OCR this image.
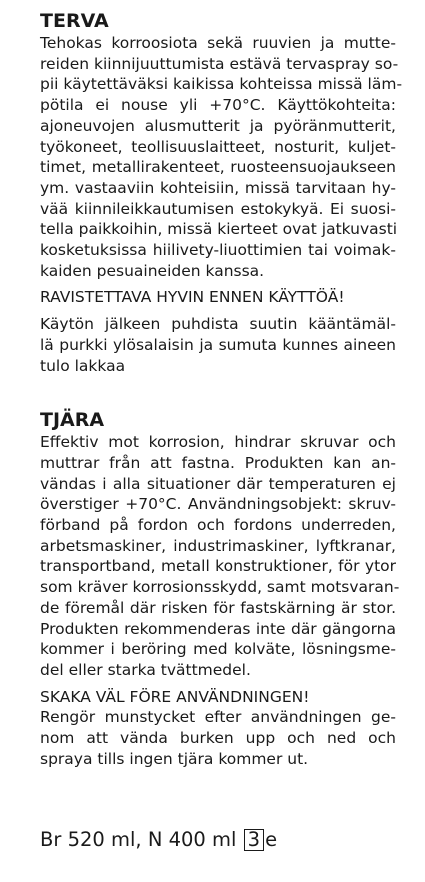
TERVA

Tehokas korroosiota sekä ruuvien ja mutte-
reiden kiinnijuuttumista estävä tervaspray so-
pii käytettäväksi kaikissa kohteissa missä läm-
pötila ei nouse yli +70°C. Käyttökohteita:
ajoneuvojen alusmutterit ja pyöränmutterit,
työkoneet, teollisuuslaitteet, nosturit, kuljet-
timet, metallirakenteet, ruosteensuojaukseen
ym. vastaaviin kohteisiin, missä tarvitaan hy-
vää kiinnileikkautumisen estokykyä. Ei suosi-
tella paikkoihin, missä kierteet ovat jatkuvasti
kosketuksissa hiilivety-liuottimien tai voimak-
kaiden pesuaineiden kanssa.

RAVISTETTAVA HYVIN ENNEN KÄYTTÖÄ!

Käytön jälkeen puhdista suutin kääntämäl-
lä purkki ylösalaisin ja sumuta kunnes aineen
tulo lakkaa

TJÄRA

Effektiv mot korrosion, hindrar skruvar och
muttrar från att fastna. Produkten kan an-
vändas i alla situationer där temperaturen ej
överstiger +70°C. Användningsobjekt: skruv-
förband på fordon och fordons underreden,
arbetsmaskiner, industrimaskiner, lyftkranar,
transportband, metall konstruktioner, för ytor
som kräver korrosionsskydd, samt motsvaran-
de föremål där risken för fastskärning är stor.
Produkten rekommenderas inte där gängorna
kommer i beröring med kolväte, lösningsme-
del eller starka tvättmedel.

SKAKA VÄL FÖRE ANVÄNDNINGEN!

Rengör munstycket efter användningen ge-
nom att vända burken upp och ned och
spraya tills ingen tjära kommer ut.

Br 520 ml, N 400 ml 3 e
